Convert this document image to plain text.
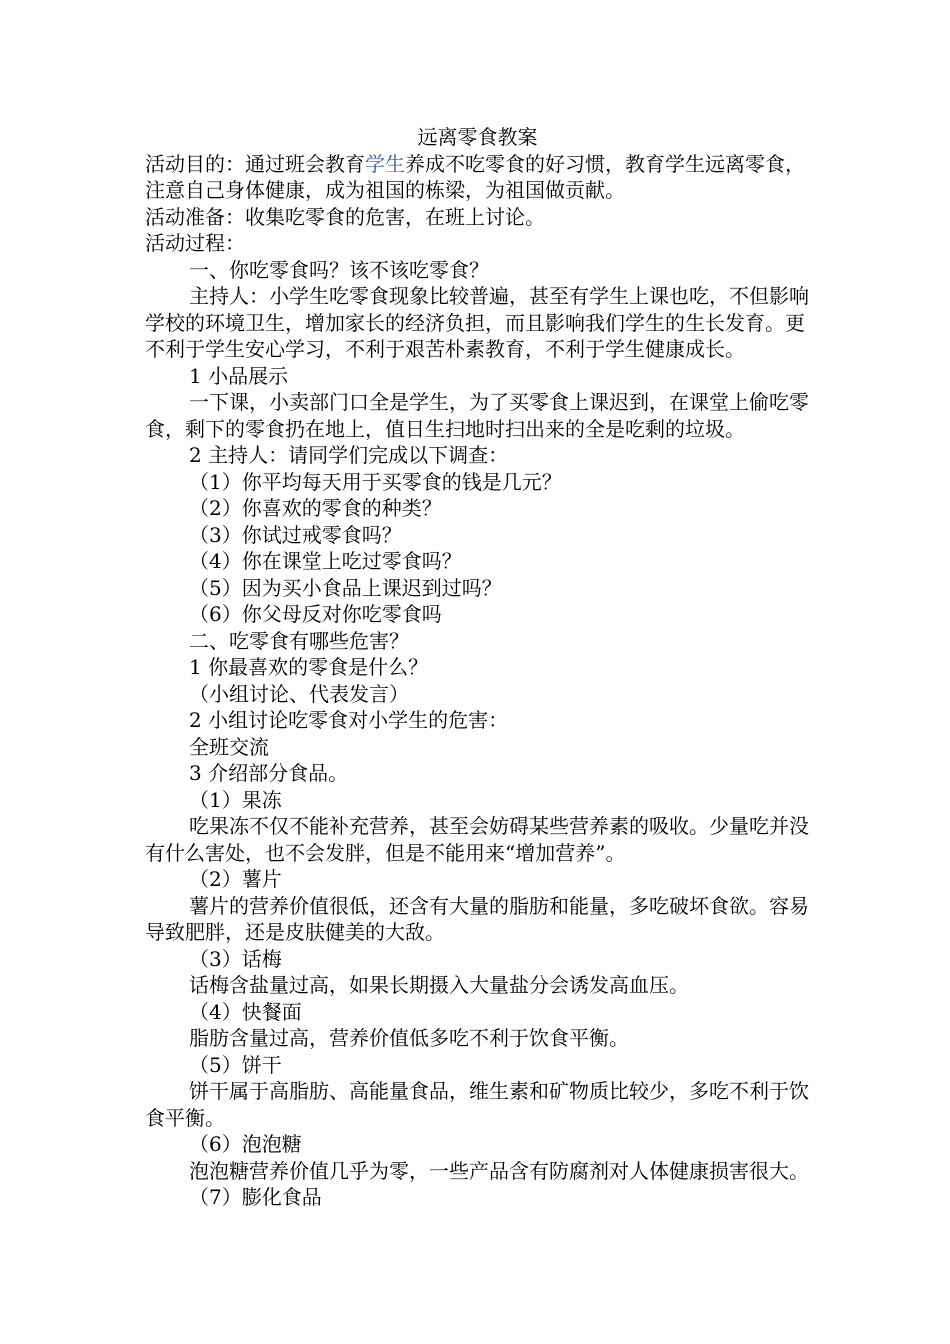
远离零食教案

活动目的：通过班会教育学生养成不吃零食的好习惯，教育学生远离零食，注意自己身体健康，成为祖国的栋梁，为祖国做贡献。

活动准备：收集吃零食的危害，在班上讨论。

活动过程：

一、你吃零食吗？该不该吃零食？

主持人：小学生吃零食现象比较普遍，甚至有学生上课也吃，不但影响学校的环境卫生，增加家长的经济负担，而且影响我们学生的生长发育。更不利于学生安心学习，不利于艰苦朴素教育，不利于学生健康成长。

1 小品展示

一下课，小卖部门口全是学生，为了买零食上课迟到，在课堂上偷吃零食，剩下的零食扔在地上，值日生扫地时扫出来的全是吃剩的垃圾。

2 主持人：请同学们完成以下调查：

（1）你平均每天用于买零食的钱是几元？

（2）你喜欢的零食的种类？

（3）你试过戒零食吗？

（4）你在课堂上吃过零食吗？

（5）因为买小食品上课迟到过吗？

（6）你父母反对你吃零食吗

二、吃零食有哪些危害？

1 你最喜欢的零食是什么？

（小组讨论、代表发言）

2 小组讨论吃零食对小学生的危害：

全班交流

3 介绍部分食品。

（1）果冻

吃果冻不仅不能补充营养，甚至会妨碍某些营养素的吸收。少量吃并没有什么害处，也不会发胖，但是不能用来“增加营养”。

（2）薯片

薯片的营养价值很低，还含有大量的脂肪和能量，多吃破坏食欲。容易导致肥胖，还是皮肤健美的大敌。

（3）话梅

话梅含盐量过高，如果长期摄入大量盐分会诱发高血压。

（4）快餐面

脂肪含量过高，营养价值低多吃不利于饮食平衡。

（5）饼干

饼干属于高脂肪、高能量食品，维生素和矿物质比较少，多吃不利于饮食平衡。

（6）泡泡糖

泡泡糖营养价值几乎为零，一些产品含有防腐剂对人体健康损害很大。

（7）膨化食品
